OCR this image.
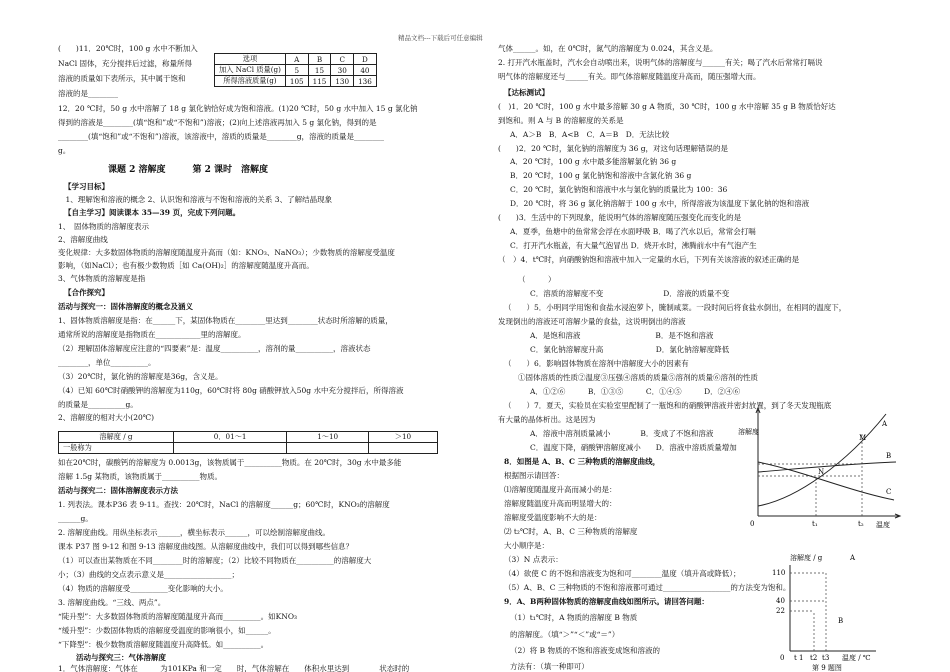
精品文档---下载后可任意编辑
(　　)11．20℃时，100 g 水中不断加入
NaCl 固体，充分搅拌后过滤，称量所得
溶液的质量如下表所示，其中属于饱和
溶液的是________
12．20 ℃时，50 g 水中溶解了 18 g 氯化钠恰好成为饱和溶液。(1)20 ℃时，50 g 水中加入 15 g 氯化钠
得到的溶液是________(填“饱和”或“不饱和”)溶液；(2)向上述溶液再加入 5 g 氯化钠，得到的是
________(填“饱和”或“不饱和”)溶液，该溶液中，溶质的质量是________g，溶液的质量是________
g。
课题 2 溶解度　　　第 2 课时　溶解度
【学习目标】
　1、理解饱和溶液的概念 2、认识饱和溶液与不饱和溶液的关系 3、了解结晶现象
【自主学习】阅读课本 35—39 页，完成下列问题。
1、　固体物质的溶解度表示
2、溶解度曲线
变化规律：大多数固体物质的溶解度随温度升高而（如：KNO₃、NaNO₃）；少数物质的溶解度受温度
影响，（如NaCl）；也有极少数物质［如 Ca(OH)₂］的溶解度随温度升高而。
3、气体物质的溶解度是指
【合作探究】
活动与探究一：固体溶解度的概念及涵义
1、固体物质溶解度是指：在______下，某固体物质在________里达到________状态时所溶解的质量，
通常所说的溶解度是指物质在____________里的溶解度。
（2）理解固体溶解度应注意的“四要素”是：温度__________，溶剂的量__________，溶液状态
________，单位__________。
（3）20℃时，氯化钠的溶解度是36g，含义是。
（4）已知 60℃时硝酸钾的溶解度为110g，60℃时将 80g 硝酸钾放入50g 水中充分搅拌后，所得溶液
的质量是__________g。
2、溶解度的相对大小(20℃)
如在20℃时，碳酸钙的溶解度为 0.0013g，该物质属于__________物质。在 20℃时，30g 水中最多能
溶解 1.5g 某物质，该物质属于__________物质。
活动与探究二：固体溶解度表示方法
1. 列表法。课本P36 表 9-11。查找：20℃时，NaCl 的溶解度______g；60℃时，KNO₃的溶解度
______g。
2. 溶解度曲线。用纵坐标表示______，横坐标表示______，可以绘制溶解度曲线。
课本 P37 图 9-12 和图 9-13 溶解度曲线图。从溶解度曲线中，我们可以得到哪些信息？
（1）可以查出某物质在不同________时的溶解度；（2）比较不同物质在__________的溶解度大
小；（3）曲线的交点表示意义是__________________；
（4）物质的溶解度受__________变化影响的大小。
3. 溶解度曲线。“三线、两点”。
“陡升型”：大多数固体物质的溶解度随温度升高而__________。如KNO₃
“缓升型”：少数固体物质的溶解度受温度的影响很小，如______。
“下降型”：极少数物质溶解度随温度升高降低。如__________。
活动与探究三：气体溶解度
1．气体溶解度：气体在______为101KPa 和一定____时，气体溶解在____体积水里达到________状态时的
气体______。如，在 0℃时，氮气的溶解度为 0.024，其含义是。
2. 打开汽水瓶盖时，汽水会自动喷出来，说明气体的溶解度与______有关；喝了汽水后常常打嗝说
明气体的溶解度还与______有关。即气体溶解度随温度升高而，随压强增大而。
【达标测试】
(　)1．20 ℃时，100 g 水中最多溶解 30 g A 物质，30 ℃时，100 g 水中溶解 35 g B 物质恰好达
到饱和。则 A 与 B 的溶解度的关系是
A．A＞B　B．A<B　C．A＝B　D．无法比较
(　　)2．20 ℃时，氯化钠的溶解度为 36 g，对这句话理解错误的是
A．20 ℃时，100 g 水中最多能溶解氯化钠 36 g
B．20 ℃时，100 g 氯化钠饱和溶液中含氯化钠 36 g
C．20 ℃时，氯化钠饱和溶液中水与氯化钠的质量比为 100：36
D．20 ℃时，将 36 g 氯化钠溶解于 100 g 水中，所得溶液为该温度下氯化钠的饱和溶液
(　　)3．生活中的下列现象，能说明气体的溶解度随压强变化而变化的是
A．夏季，鱼塘中的鱼常常会浮在水面呼吸 B．喝了汽水以后，常常会打嗝
C．打开汽水瓶盖，有大量气泡冒出 D．烧开水时，沸腾前水中有气泡产生
（　）4．t℃时，向硝酸钠饱和溶液中加入一定量的水后，下列有关该溶液的叙述正确的是
（　　　）
C．溶质的溶解度不变　　　　　　　　D．溶液的质量不变
（　　）5．小明同学用饱和食盐水浸泡萝卜，腌制咸菜。一段时间后将食盐水倒出，在相同的温度下，
发现倒出的溶液还可溶解少量的食盐，这说明倒出的溶液
A．是饱和溶液　　　　　　　　　　B．是不饱和溶液
C．氯化钠溶解度升高　　　　　　　D．氯化钠溶解度降低
（　　）6．影响固体物质在溶剂中溶解度大小的因素有
①固体溶质的性质②温度③压强④溶质的质量⑤溶剂的质量⑥溶剂的性质
A．①②⑥　　　B．①③⑤　　　C．①④⑤　　　D．②④⑥
（　　）7．夏天，实验员在实验室里配制了一瓶饱和的硝酸钾溶液并密封放置，到了冬天发现瓶底
有大量的晶体析出。这是因为
A．溶液中溶剂质量减小　　　　B．变成了不饱和溶液
C．温度下降，硝酸钾溶解度减小　　D．溶液中溶质质量增加
8．如图是 A、B、C 三种物质的溶解度曲线，
根据图示请回答：
⑴溶解度随温度升高而减小的是：
溶解度随温度升高而明显增大的：
溶解度受温度影响不大的是：
⑵ t₂℃时，A、B、C 三种物质的溶解度
大小顺序是：
（3）N 点表示：
（4）欲使 C 的不饱和溶液变为饱和可________温度（填升高或降低）；
（5）A、B、C 三种物质的不饱和溶液都可通过__________________的方法变为饱和。
9．A、B两种固体物质的溶解度曲线如图所示。请回答问题：
（1）t₁℃时，A 物质的溶解度 B 物质
的溶解度。（填“＞”“＜”或“＝”）
（2）将 B 物质的不饱和溶液变成饱和溶液的
方法有：（填一种即可）
选项	A	B	C	D
加入 NaCl 质量(g)	5	15	30	40
所得溶液质量(g)	105	115	130	136
溶解度 / g	0．01～1	1～10	＞10
一般称为			
溶解度
温度
0	t₁	t₂
A
B
C
M
N
溶解度 / g	A
B
110
40
22
0 t 1 t2 t3 温度 / ℃
第 9 题图
